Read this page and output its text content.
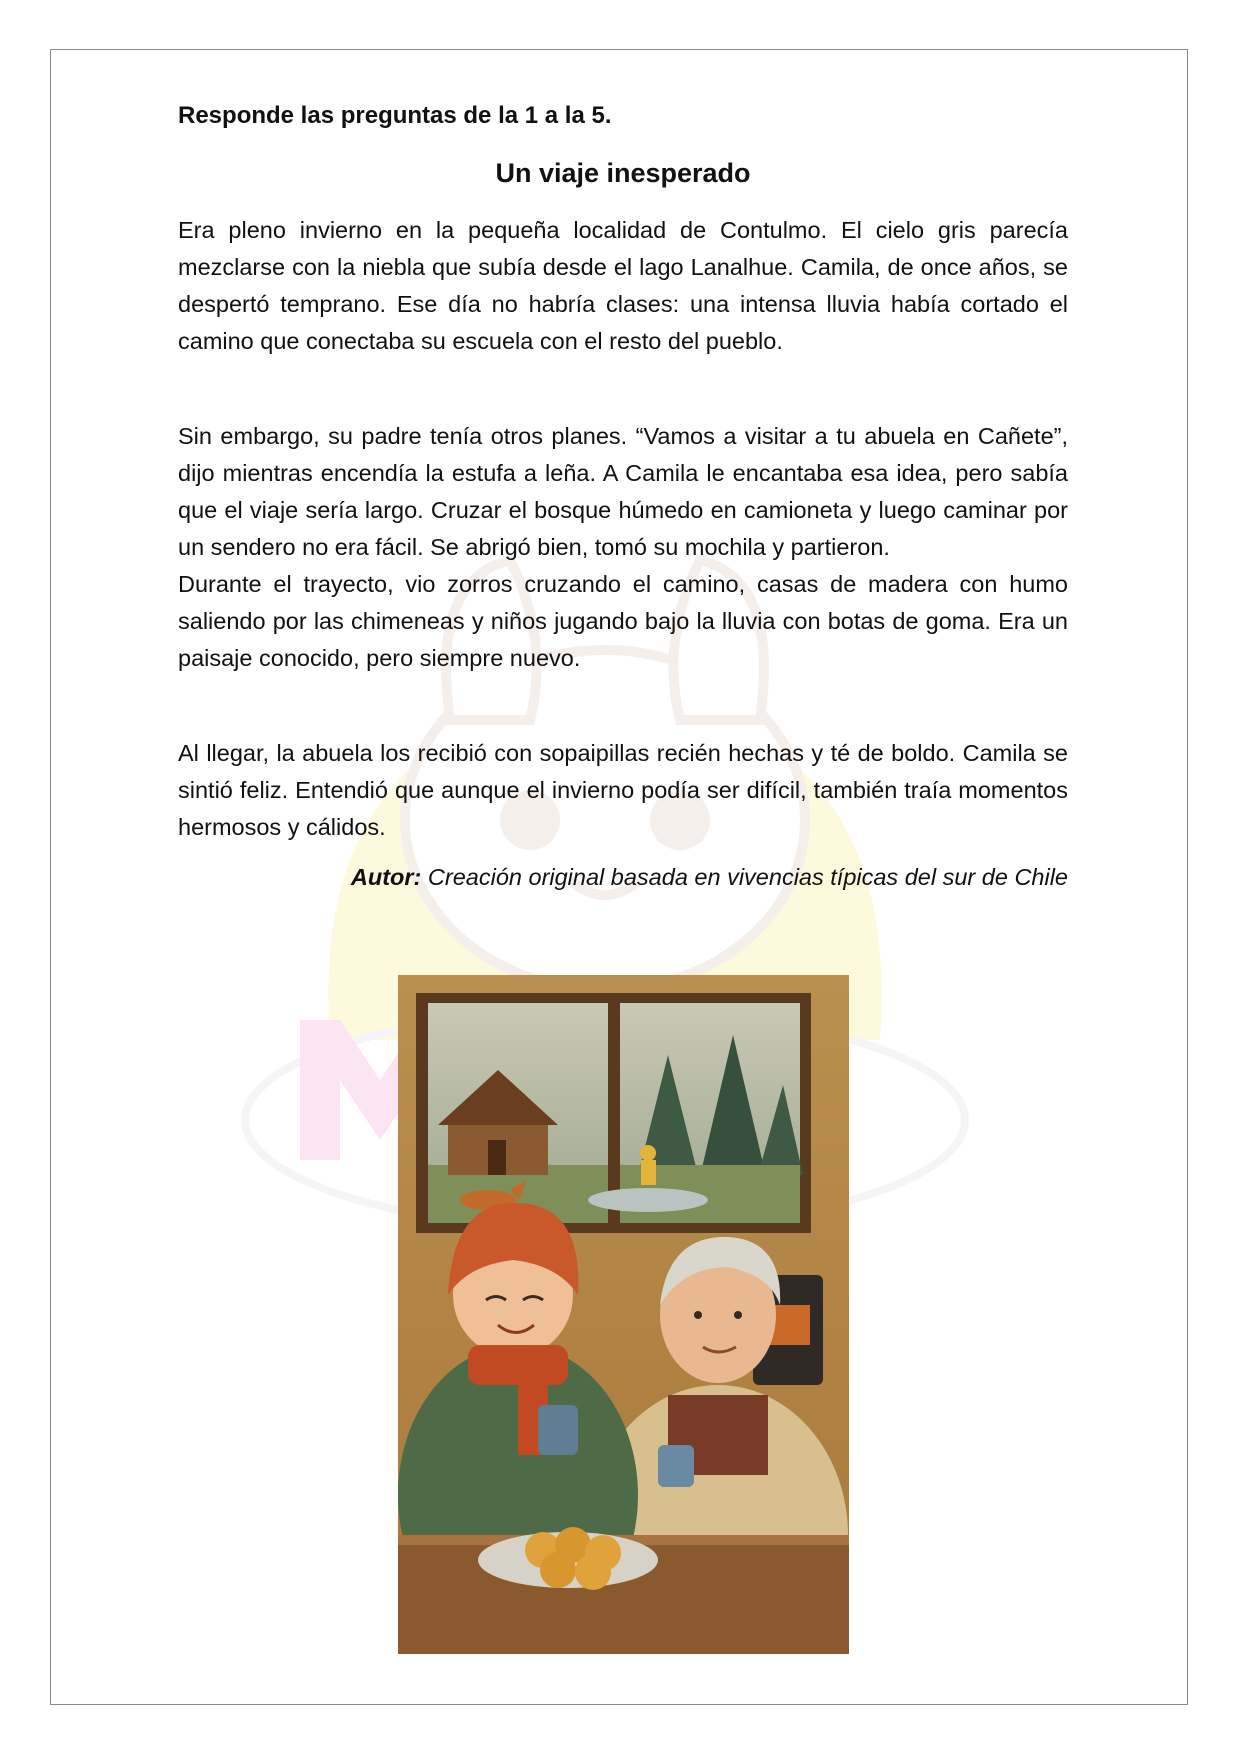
Responde las preguntas de la 1 a la 5.

Un viaje inesperado

Era pleno invierno en la pequeña localidad de Contulmo. El cielo gris parecía mezclarse con la niebla que subía desde el lago Lanalhue. Camila, de once años, se despertó temprano. Ese día no habría clases: una intensa lluvia había cortado el camino que conectaba su escuela con el resto del pueblo.

Sin embargo, su padre tenía otros planes. “Vamos a visitar a tu abuela en Cañete”, dijo mientras encendía la estufa a leña. A Camila le encantaba esa idea, pero sabía que el viaje sería largo. Cruzar el bosque húmedo en camioneta y luego caminar por un sendero no era fácil. Se abrigó bien, tomó su mochila y partieron.

Durante el trayecto, vio zorros cruzando el camino, casas de madera con humo saliendo por las chimeneas y niños jugando bajo la lluvia con botas de goma. Era un paisaje conocido, pero siempre nuevo.

Al llegar, la abuela los recibió con sopaipillas recién hechas y té de boldo. Camila se sintió feliz. Entendió que aunque el invierno podía ser difícil, también traía momentos hermosos y cálidos.

Autor: Creación original basada en vivencias típicas del sur de Chile
